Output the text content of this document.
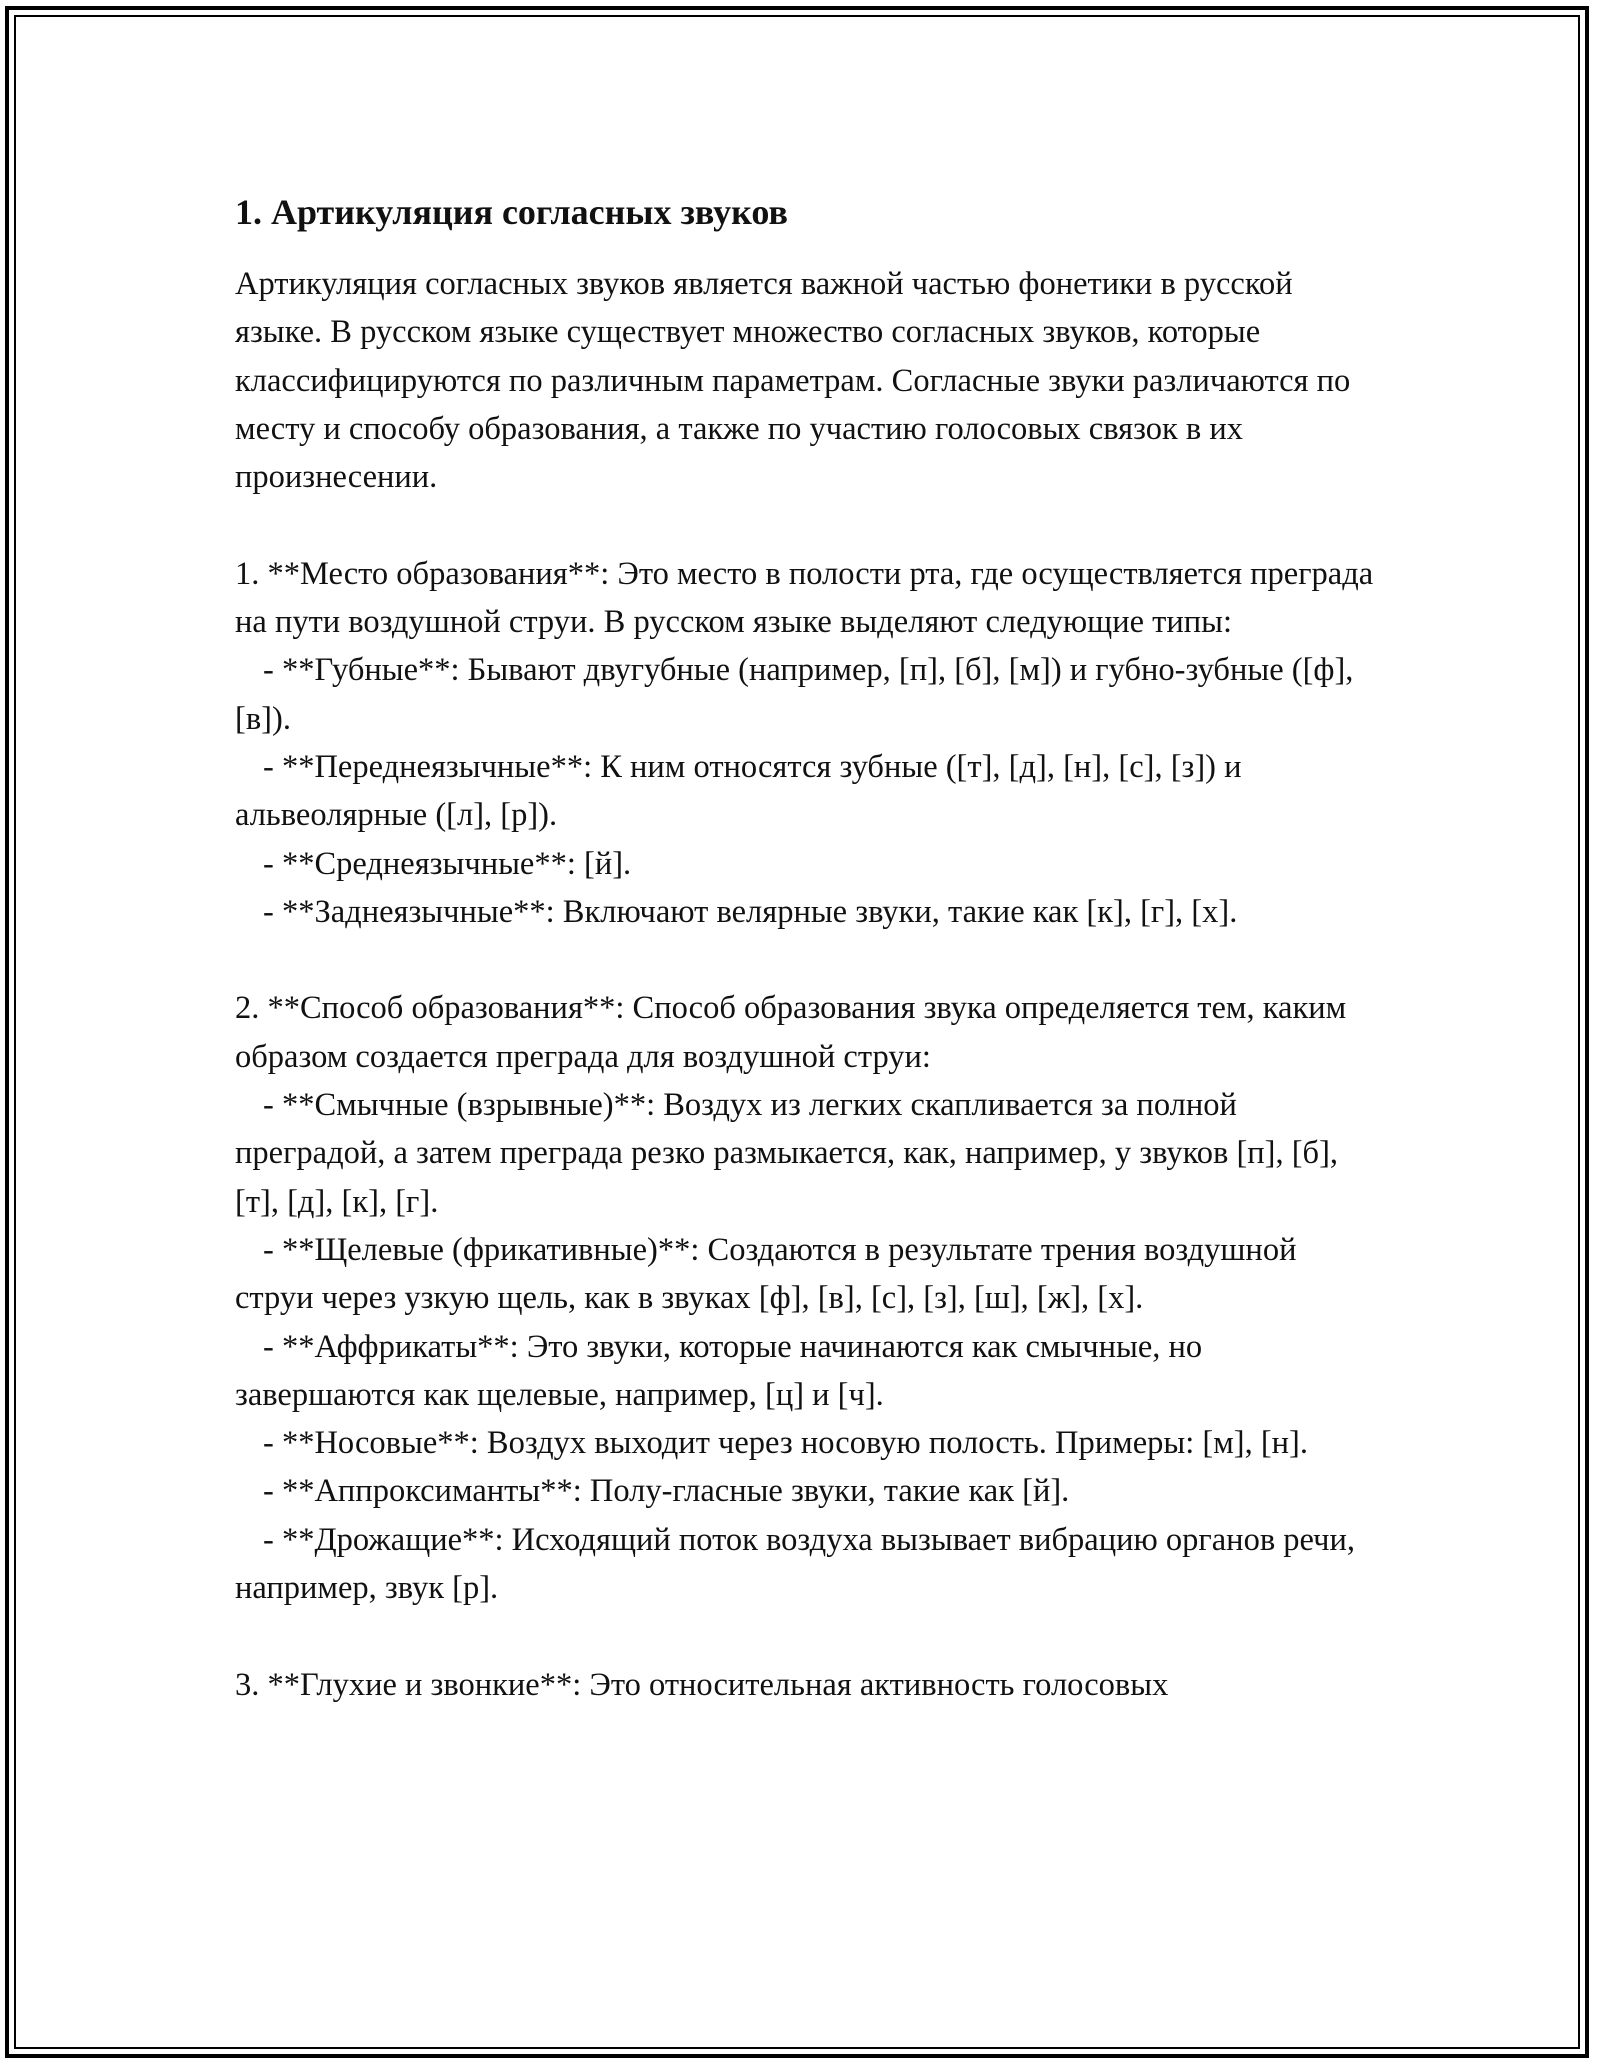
1. Артикуляция согласных звуков

Артикуляция согласных звуков является важной частью фонетики в русской языке. В русском языке существует множество согласных звуков, которые классифицируются по различным параметрам. Согласные звуки различаются по месту и способу образования, а также по участию голосовых связок в их произнесении.

1. **Место образования**: Это место в полости рта, где осуществляется преграда на пути воздушной струи. В русском языке выделяют следующие типы:

- **Губные**: Бывают двугубные (например, [п], [б], [м]) и губно-зубные ([ф], [в]).

- **Переднеязычные**: К ним относятся зубные ([т], [д], [н], [с], [з]) и альвеолярные ([л], [р]).

- **Среднеязычные**: [й].

- **Заднеязычные**: Включают велярные звуки, такие как [к], [г], [х].

2. **Способ образования**: Способ образования звука определяется тем, каким образом создается преграда для воздушной струи:

- **Смычные (взрывные)**: Воздух из легких скапливается за полной преградой, а затем преграда резко размыкается, как, например, у звуков [п], [б], [т], [д], [к], [г].

- **Щелевые (фрикативные)**: Создаются в результате трения воздушной струи через узкую щель, как в звуках [ф], [в], [с], [з], [ш], [ж], [х].

- **Аффрикаты**: Это звуки, которые начинаются как смычные, но завершаются как щелевые, например, [ц] и [ч].

- **Носовые**: Воздух выходит через носовую полость. Примеры: [м], [н].

- **Аппроксиманты**: Полу-гласные звуки, такие как [й].

- **Дрожащие**: Исходящий поток воздуха вызывает вибрацию органов речи, например, звук [р].

3. **Глухие и звонкие**: Это относительная активность голосовых
